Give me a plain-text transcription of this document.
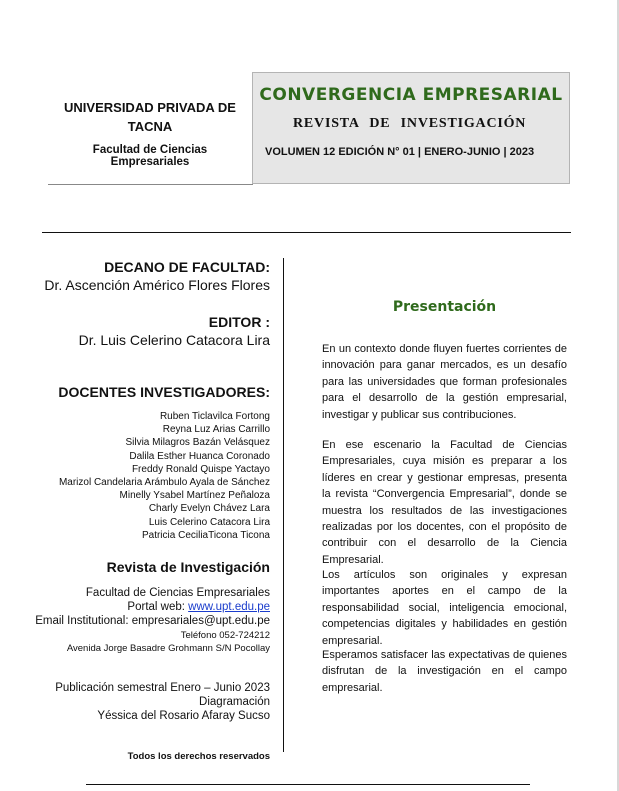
UNIVERSIDAD PRIVADA DE TACNA
Facultad de Ciencias Empresariales
CONVERGENCIA EMPRESARIAL
REVISTA DE INVESTIGACIÓN
VOLUMEN 12 EDICIÓN N° 01 | ENERO-JUNIO | 2023
DECANO DE FACULTAD:
Dr. Ascención Américo Flores Flores
EDITOR :
Dr. Luis Celerino Catacora Lira
DOCENTES INVESTIGADORES:
Ruben Ticlavilca Fortong
Reyna Luz Arias Carrillo
Silvia Milagros Bazán Velásquez
Dalila Esther Huanca Coronado
Freddy Ronald Quispe Yactayo
Marizol Candelaria Arámbulo Ayala de Sánchez
Minelly Ysabel Martínez Peñaloza
Charly Evelyn Chávez Lara
Luis Celerino Catacora Lira
Patricia CeciliaTicona Ticona
Revista de Investigación
Facultad de Ciencias Empresariales
Portal web: www.upt.edu.pe
Email Institutional: empresariales@upt.edu.pe
Teléfono 052-724212
Avenida Jorge Basadre Grohmann S/N Pocollay
Publicación semestral Enero – Junio 2023
Diagramación
Yéssica del Rosario Afaray Sucso
Todos los derechos reservados
Presentación
En un contexto donde fluyen fuertes corrientes de innovación para ganar mercados, es un desafío para las universidades que forman profesionales para el desarrollo de la gestión empresarial, investigar y publicar sus contribuciones.
En ese escenario la Facultad de Ciencias Empresariales, cuya misión es preparar a los líderes en crear y gestionar empresas, presenta la revista “Convergencia Empresarial”, donde se muestra los resultados de las investigaciones realizadas por los docentes, con el propósito de contribuir con el desarrollo de la Ciencia Empresarial.
Los artículos son originales y expresan importantes aportes en el campo de la responsabilidad social, inteligencia emocional, competencias digitales y habilidades en gestión empresarial.
Esperamos satisfacer las expectativas de quienes disfrutan de la investigación en el campo empresarial.
